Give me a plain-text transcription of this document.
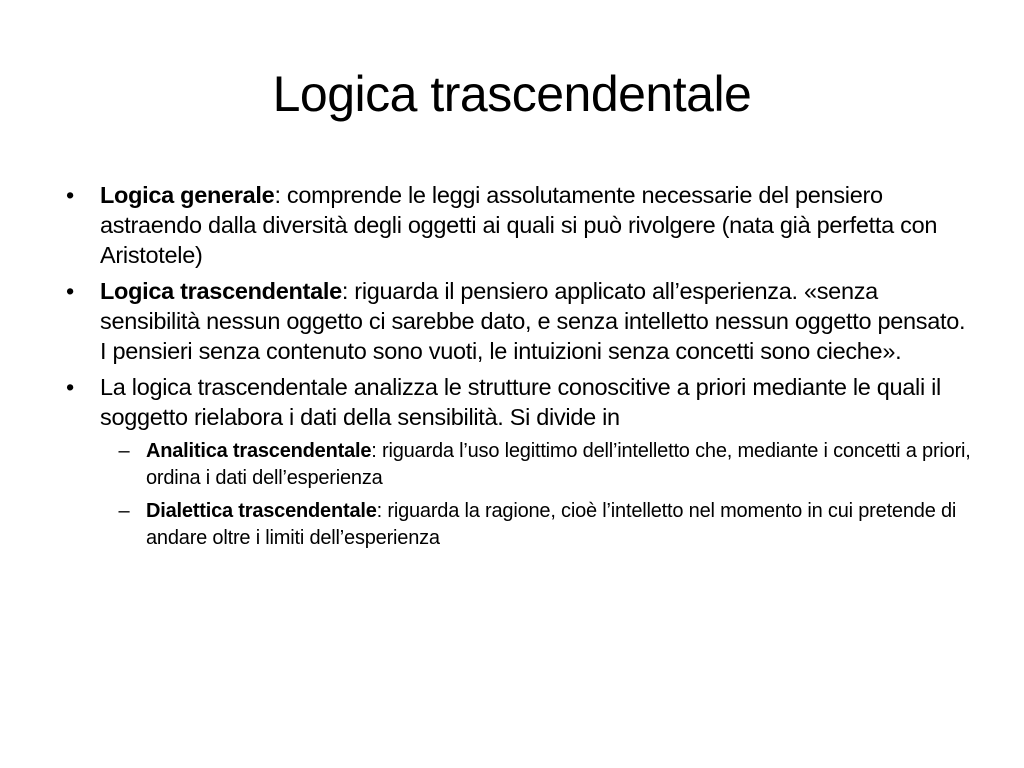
Logica trascendentale
• Logica generale: comprende le leggi assolutamente necessarie del pensiero astraendo dalla diversità degli oggetti ai quali si può rivolgere (nata già perfetta con Aristotele)
• Logica trascendentale: riguarda il pensiero applicato all’esperienza. «senza sensibilità nessun oggetto ci sarebbe dato, e senza intelletto nessun oggetto pensato. I pensieri senza contenuto sono vuoti, le intuizioni senza concetti sono cieche».
• La logica trascendentale analizza le strutture conoscitive a priori mediante le quali il soggetto rielabora i dati della sensibilità. Si divide in
– Analitica trascendentale: riguarda l’uso legittimo dell’intelletto che, mediante i concetti a priori, ordina i dati dell’esperienza
– Dialettica trascendentale: riguarda la ragione, cioè l’intelletto nel momento in cui pretende di andare oltre i limiti dell’esperienza
